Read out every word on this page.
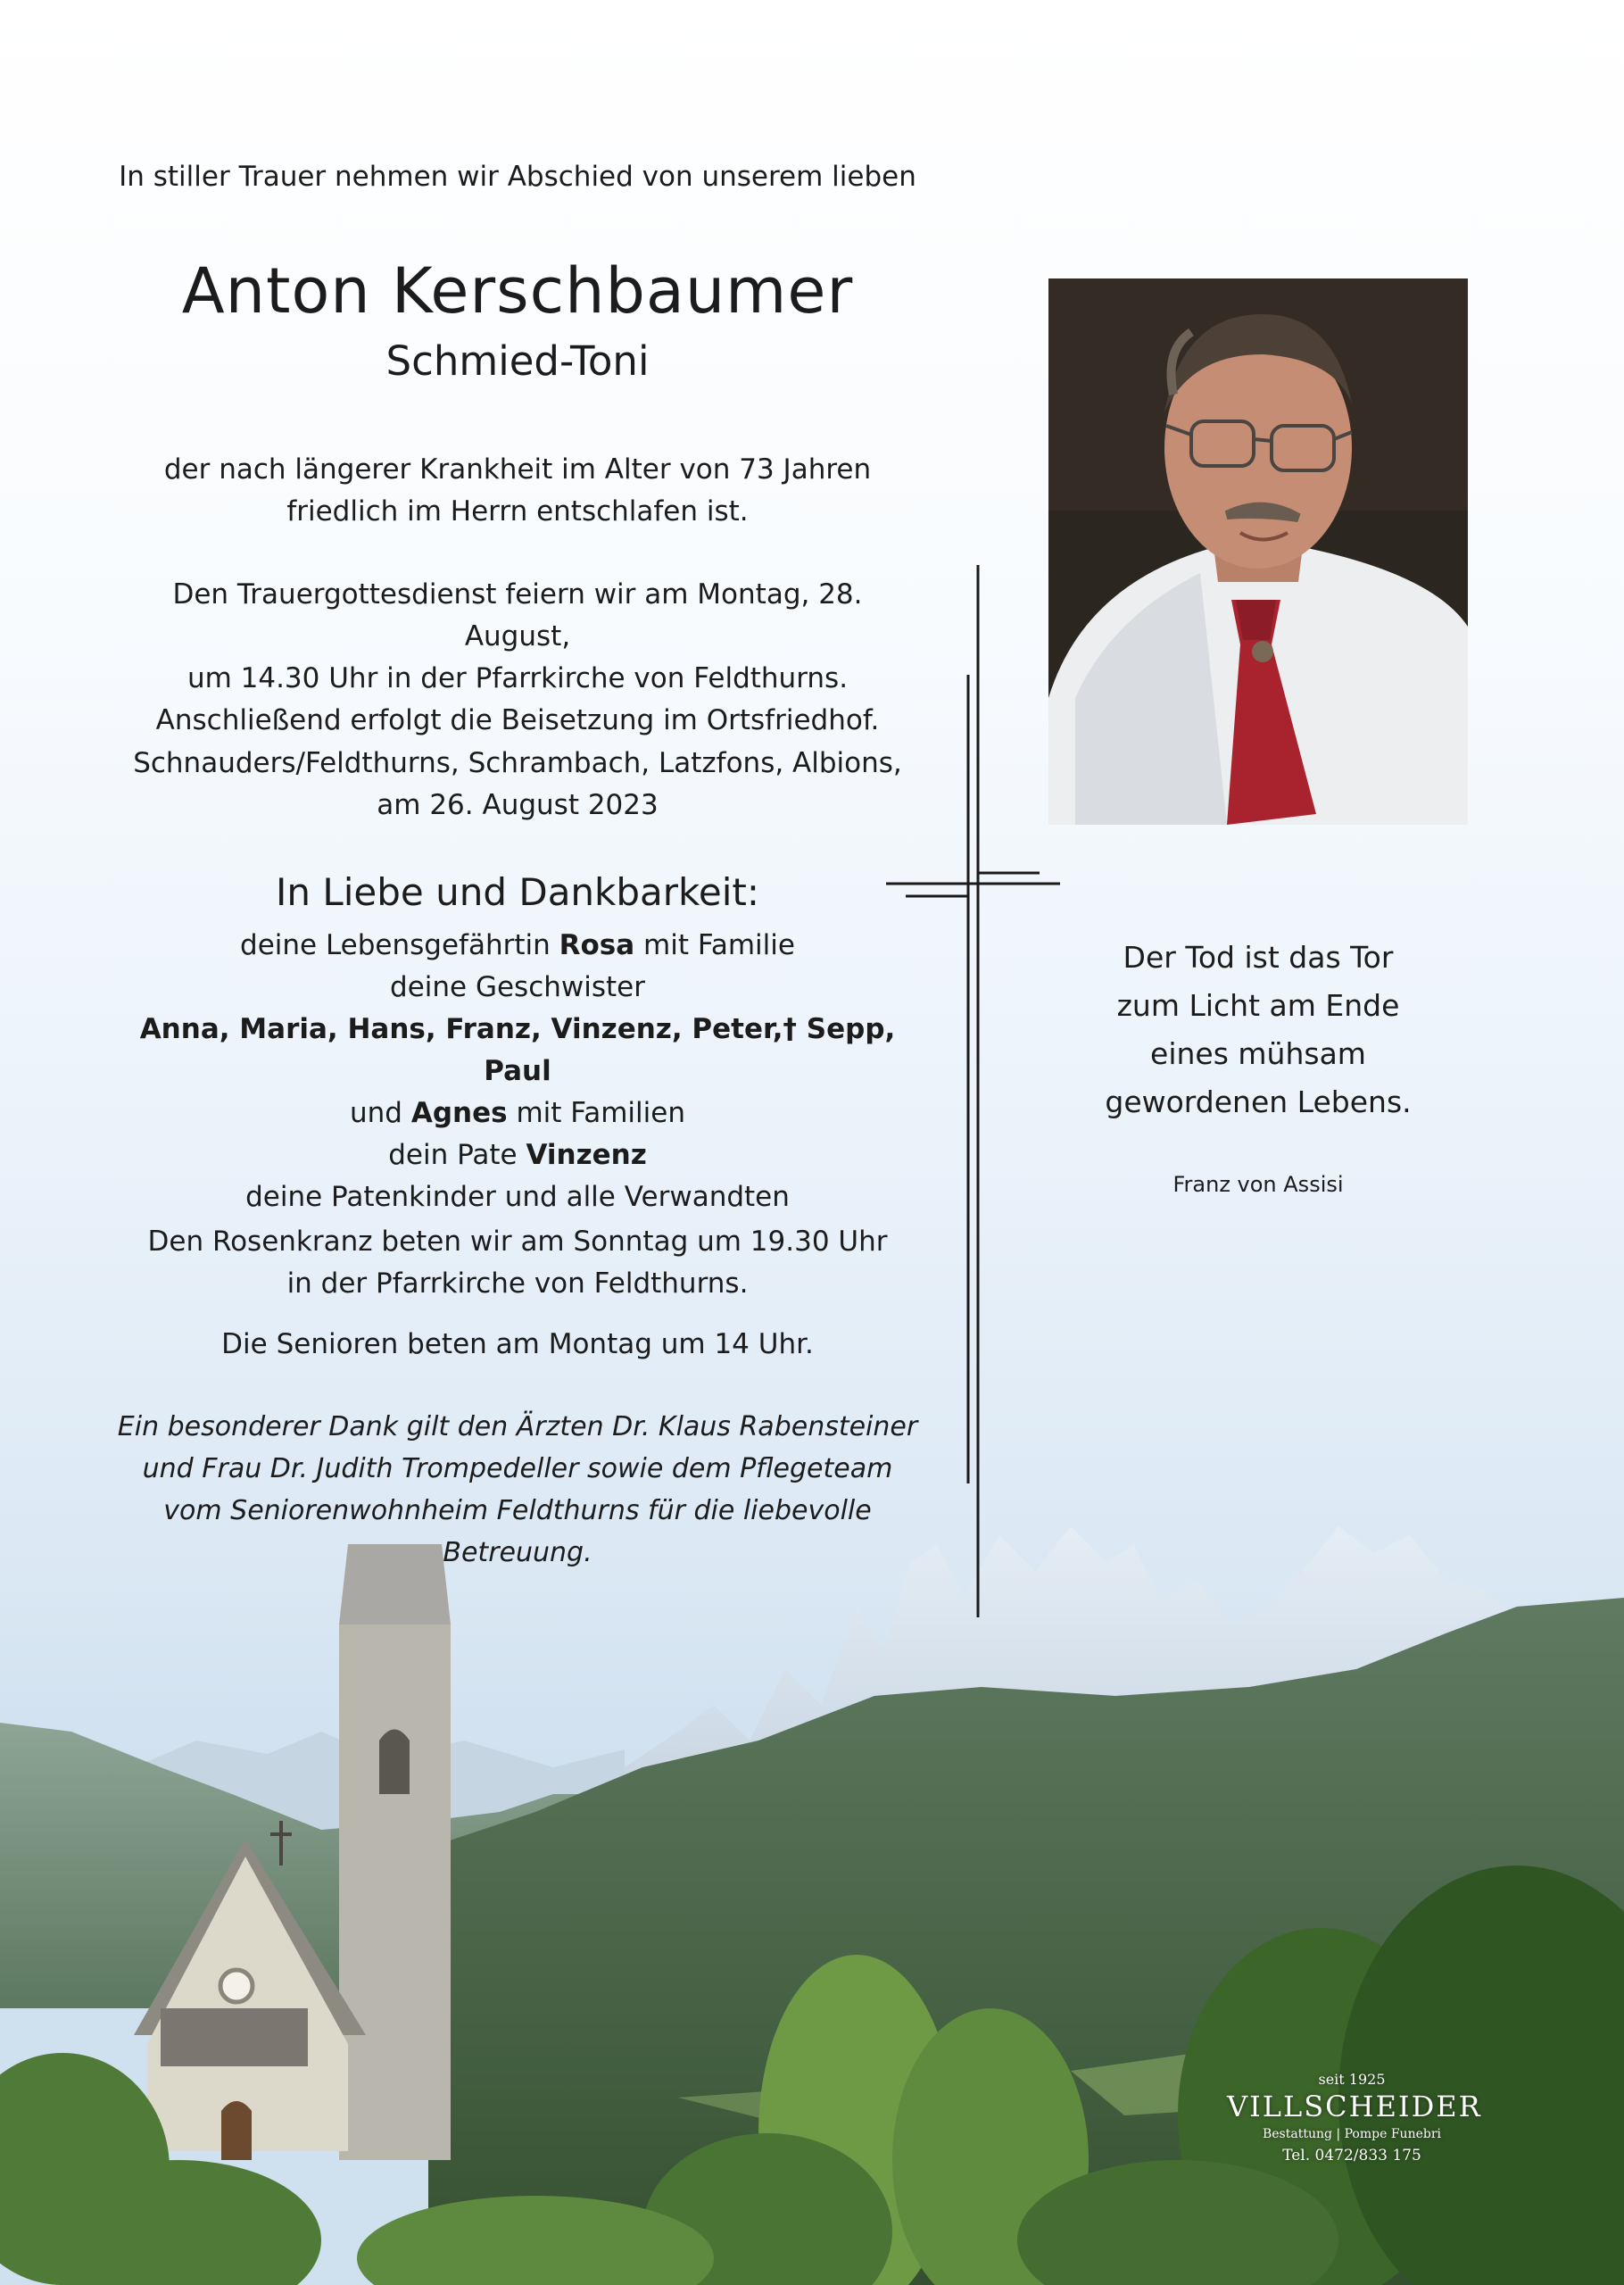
In stiller Trauer nehmen wir Abschied von unserem lieben
Anton Kerschbaumer
Schmied-Toni
der nach längerer Krankheit im Alter von 73 Jahren
friedlich im Herrn entschlafen ist.
Den Trauergottesdienst feiern wir am Montag, 28. August,
um 14.30 Uhr in der Pfarrkirche von Feldthurns.
Anschließend erfolgt die Beisetzung im Ortsfriedhof.
Schnauders/Feldthurns, Schrambach, Latzfons, Albions,
am 26. August 2023
In Liebe und Dankbarkeit:
deine Lebensgefährtin Rosa mit Familie
deine Geschwister
Anna, Maria, Hans, Franz, Vinzenz, Peter,† Sepp, Paul
und Agnes mit Familien
dein Pate Vinzenz
deine Patenkinder und alle Verwandten
Den Rosenkranz beten wir am Sonntag um 19.30 Uhr
in der Pfarrkirche von Feldthurns.
Die Senioren beten am Montag um 14 Uhr.
Ein besonderer Dank gilt den Ärzten Dr. Klaus Rabensteiner
und Frau Dr. Judith Trompedeller sowie dem Pflegeteam
vom Seniorenwohnheim Feldthurns für die liebevolle Betreuung.
Der Tod ist das Tor
zum Licht am Ende
eines mühsam
gewordenen Lebens.
Franz von Assisi
seit 1925
VILLSCHEIDER
Bestattung | Pompe Funebri
Tel. 0472/833 175
